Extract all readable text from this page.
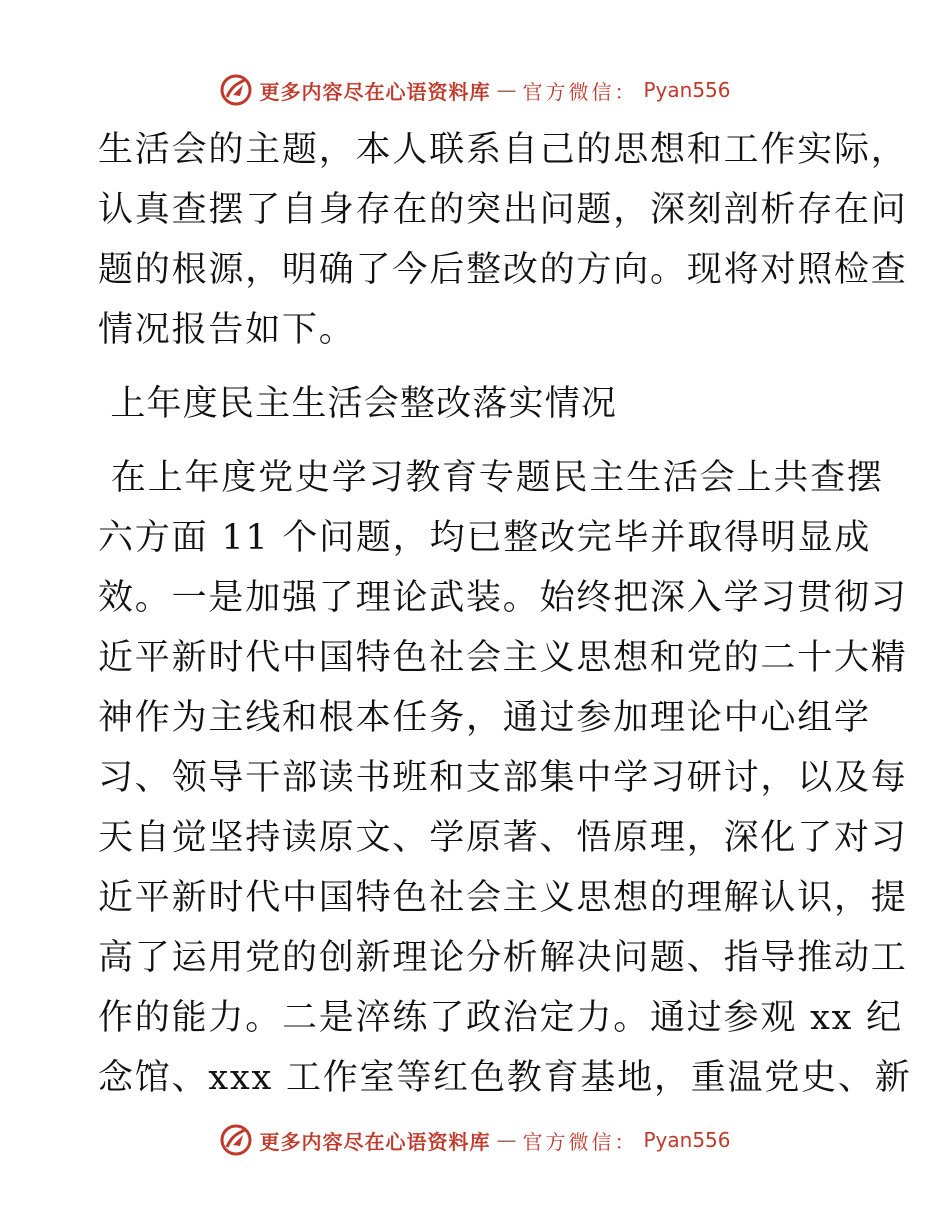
更多内容尽在心语资料库 — 官方微信： Pyan556
生活会的主题，本人联系自己的思想和工作实际，
认真查摆了自身存在的突出问题，深刻剖析存在问
题的根源，明确了今后整改的方向。现将对照检查
情况报告如下。
上年度民主生活会整改落实情况
在上年度党史学习教育专题民主生活会上共查摆
六方面 11 个问题，均已整改完毕并取得明显成
效。一是加强了理论武装。始终把深入学习贯彻习
近平新时代中国特色社会主义思想和党的二十大精
神作为主线和根本任务，通过参加理论中心组学
习、领导干部读书班和支部集中学习研讨，以及每
天自觉坚持读原文、学原著、悟原理，深化了对习
近平新时代中国特色社会主义思想的理解认识，提
高了运用党的创新理论分析解决问题、指导推动工
作的能力。二是淬练了政治定力。通过参观 xx 纪
念馆、xxx 工作室等红色教育基地，重温党史、新
更多内容尽在心语资料库 — 官方微信： Pyan556
